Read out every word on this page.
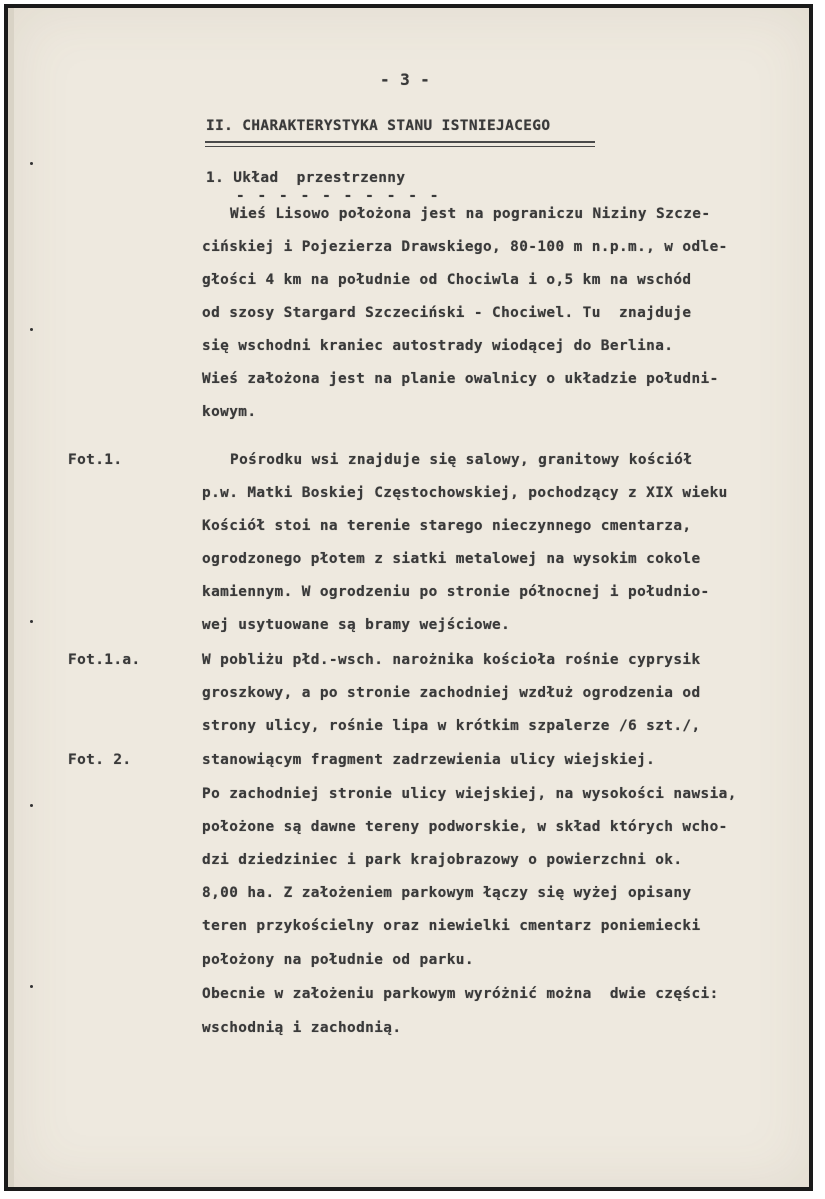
- 3 -
II. CHARAKTERYSTYKA STANU ISTNIEJACEGO
1. Układ  przestrzenny
- - - - - - - - - -
Fot.1.
Fot.1.a.
Fot. 2.
Wieś Lisowo położona jest na pograniczu Niziny Szcze-
cińskiej i Pojezierza Drawskiego, 80-100 m n.p.m., w odle-
głości 4 km na południe od Chociwla i o,5 km na wschód
od szosy Stargard Szczeciński - Chociwel. Tu  znajduje
się wschodni kraniec autostrady wiodącej do Berlina.
Wieś założona jest na planie owalnicy o układzie południ-
kowym.
Pośrodku wsi znajduje się salowy, granitowy kościół
p.w. Matki Boskiej Częstochowskiej, pochodzący z XIX wieku
Kościół stoi na terenie starego nieczynnego cmentarza,
ogrodzonego płotem z siatki metalowej na wysokim cokole
kamiennym. W ogrodzeniu po stronie północnej i południo-
wej usytuowane są bramy wejściowe.
W pobliżu płd.-wsch. narożnika kościoła rośnie cyprysik
groszkowy, a po stronie zachodniej wzdłuż ogrodzenia od
strony ulicy, rośnie lipa w krótkim szpalerze /6 szt./,
stanowiącym fragment zadrzewienia ulicy wiejskiej.
Po zachodniej stronie ulicy wiejskiej, na wysokości nawsia,
położone są dawne tereny podworskie, w skład których wcho-
dzi dziedziniec i park krajobrazowy o powierzchni ok.
8,00 ha. Z założeniem parkowym łączy się wyżej opisany
teren przykościelny oraz niewielki cmentarz poniemiecki
położony na południe od parku.
Obecnie w założeniu parkowym wyróżnić można  dwie części:
wschodnią i zachodnią.
